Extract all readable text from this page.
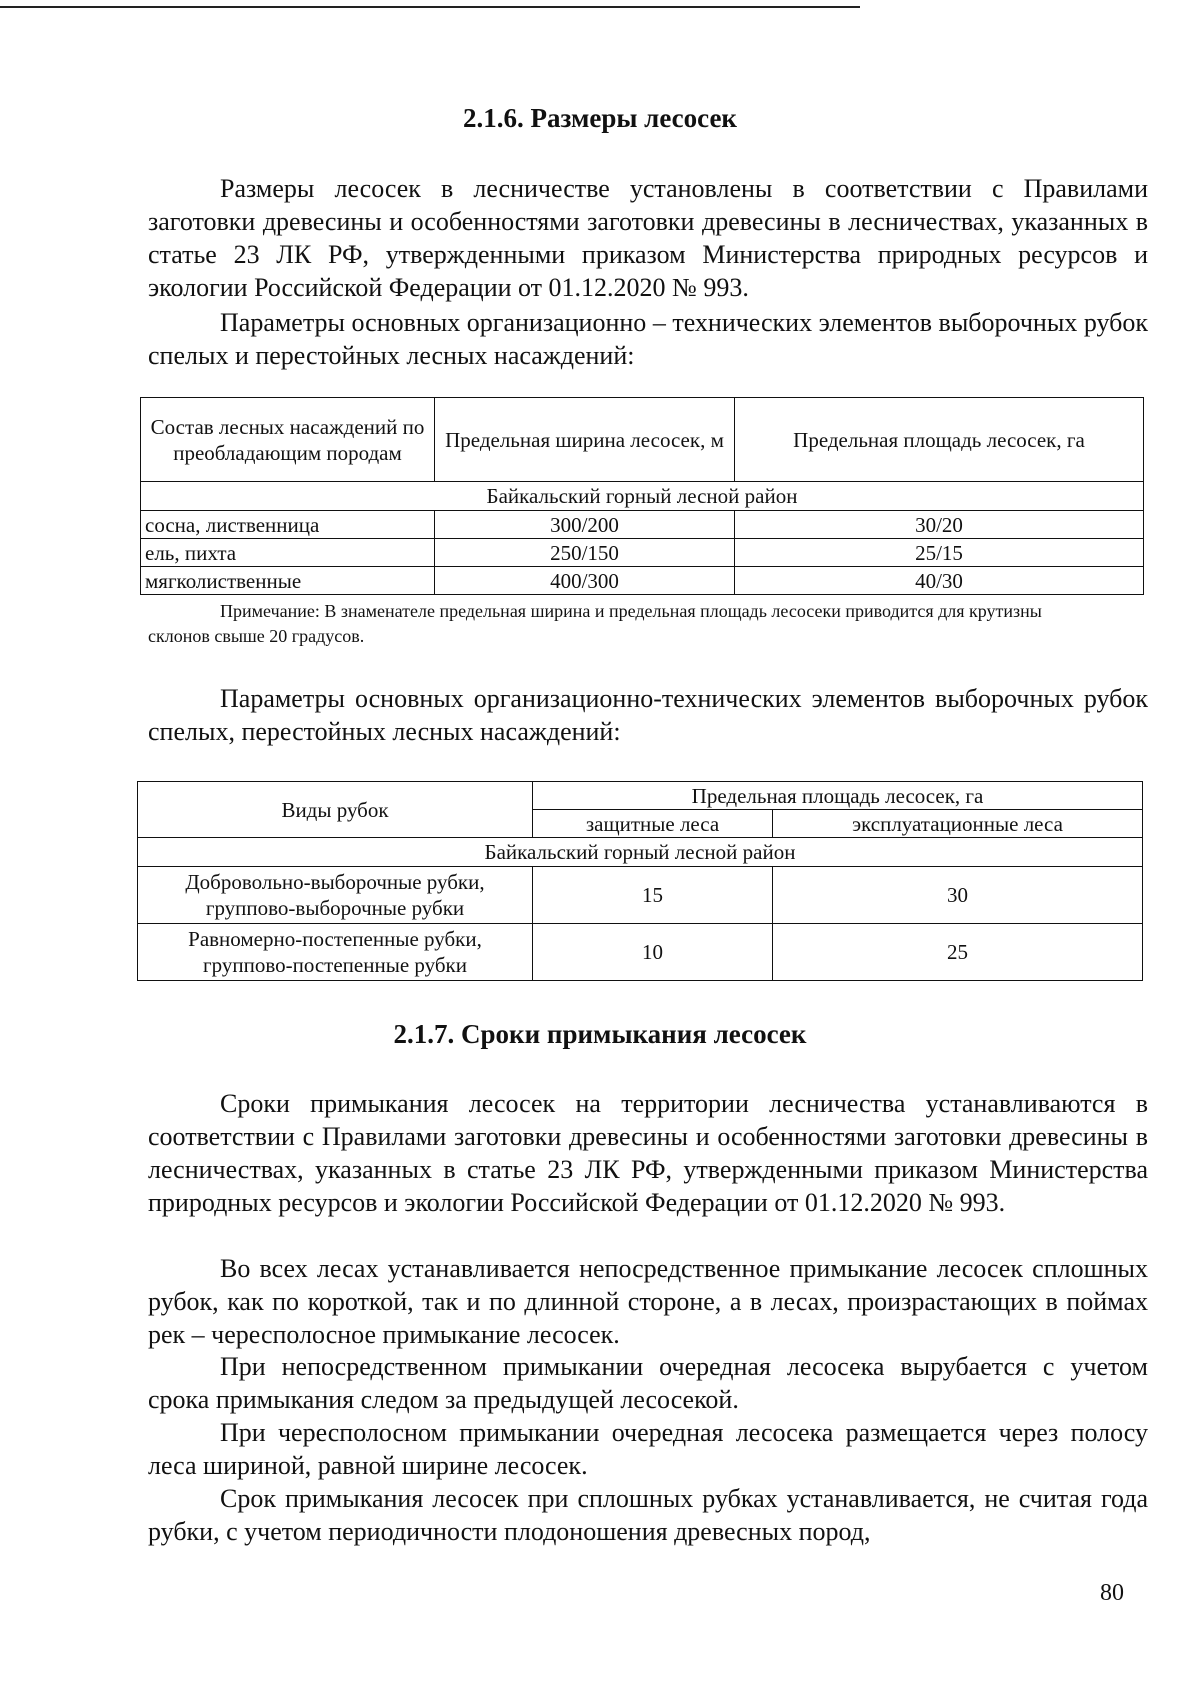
2.1.6. Размеры лесосек

Размеры лесосек в лесничестве установлены в соответствии с Правилами заготовки древесины и особенностями заготовки древесины в лесничествах, указанных в статье 23 ЛК РФ, утвержденными приказом Министерства природных ресурсов и экологии Российской Федерации от 01.12.2020 № 993.

Параметры основных организационно – технических элементов выборочных рубок спелых и перестойных лесных насаждений:

Состав лесных насаждений по преобладающим породам	Предельная ширина лесосек, м	Предельная площадь лесосек, га
Байкальский горный лесной район		
сосна, лиственница	300/200	30/20
ель, пихта	250/150	25/15
мягколиственные	400/300	40/30

Примечание: В знаменателе предельная ширина и предельная площадь лесосеки приводится для крутизны склонов свыше 20 градусов.

Параметры основных организационно-технических элементов выборочных рубок спелых, перестойных лесных насаждений:

Виды рубок	Предельная площадь лесосек, га	
	защитные леса	эксплуатационные леса
Байкальский горный лесной район		
Добровольно-выборочные рубки, группово-выборочные рубки	15	30
Равномерно-постепенные рубки, группово-постепенные рубки	10	25
2.1.7. Сроки примыкания лесосек

Сроки примыкания лесосек на территории лесничества устанавливаются в соответствии с Правилами заготовки древесины и особенностями заготовки древесины в лесничествах, указанных в статье 23 ЛК РФ, утвержденными приказом Министерства природных ресурсов и экологии Российской Федерации от 01.12.2020 № 993.

Во всех лесах устанавливается непосредственное примыкание лесосек сплошных рубок, как по короткой, так и по длинной стороне, а в лесах, произрастающих в поймах рек – чересполосное примыкание лесосек.

При непосредственном примыкании очередная лесосека вырубается с учетом срока примыкания следом за предыдущей лесосекой.

При чересполосном примыкании очередная лесосека размещается через полосу леса шириной, равной ширине лесосек.

Срок примыкания лесосек при сплошных рубках устанавливается, не считая года рубки, с учетом периодичности плодоношения древесных пород,

80
